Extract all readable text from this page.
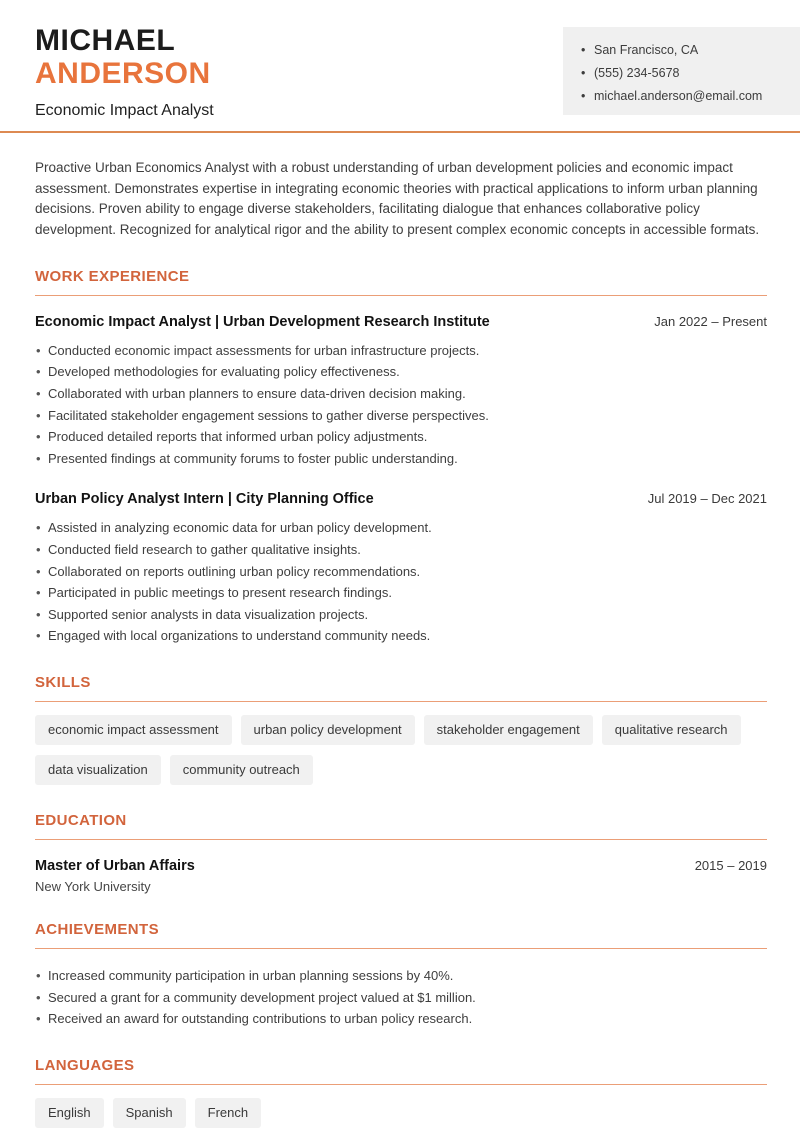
MICHAEL
ANDERSON
Economic Impact Analyst
• San Francisco, CA
• (555) 234-5678
• michael.anderson@email.com

Proactive Urban Economics Analyst with a robust understanding of urban development policies and economic impact assessment. Demonstrates expertise in integrating economic theories with practical applications to inform urban planning decisions. Proven ability to engage diverse stakeholders, facilitating dialogue that enhances collaborative policy development. Recognized for analytical rigor and the ability to present complex economic concepts in accessible formats.

WORK EXPERIENCE
Economic Impact Analyst | Urban Development Research Institute	Jan 2022 – Present
• Conducted economic impact assessments for urban infrastructure projects.
• Developed methodologies for evaluating policy effectiveness.
• Collaborated with urban planners to ensure data-driven decision making.
• Facilitated stakeholder engagement sessions to gather diverse perspectives.
• Produced detailed reports that informed urban policy adjustments.
• Presented findings at community forums to foster public understanding.
Urban Policy Analyst Intern | City Planning Office	Jul 2019 – Dec 2021
• Assisted in analyzing economic data for urban policy development.
• Conducted field research to gather qualitative insights.
• Collaborated on reports outlining urban policy recommendations.
• Participated in public meetings to present research findings.
• Supported senior analysts in data visualization projects.
• Engaged with local organizations to understand community needs.
SKILLS
economic impact assessment	urban policy development	stakeholder engagement	qualitative research
data visualization	community outreach
EDUCATION
Master of Urban Affairs	2015 – 2019
New York University
ACHIEVEMENTS
• Increased community participation in urban planning sessions by 40%.
• Secured a grant for a community development project valued at $1 million.
• Received an award for outstanding contributions to urban policy research.
LANGUAGES
English	Spanish	French
